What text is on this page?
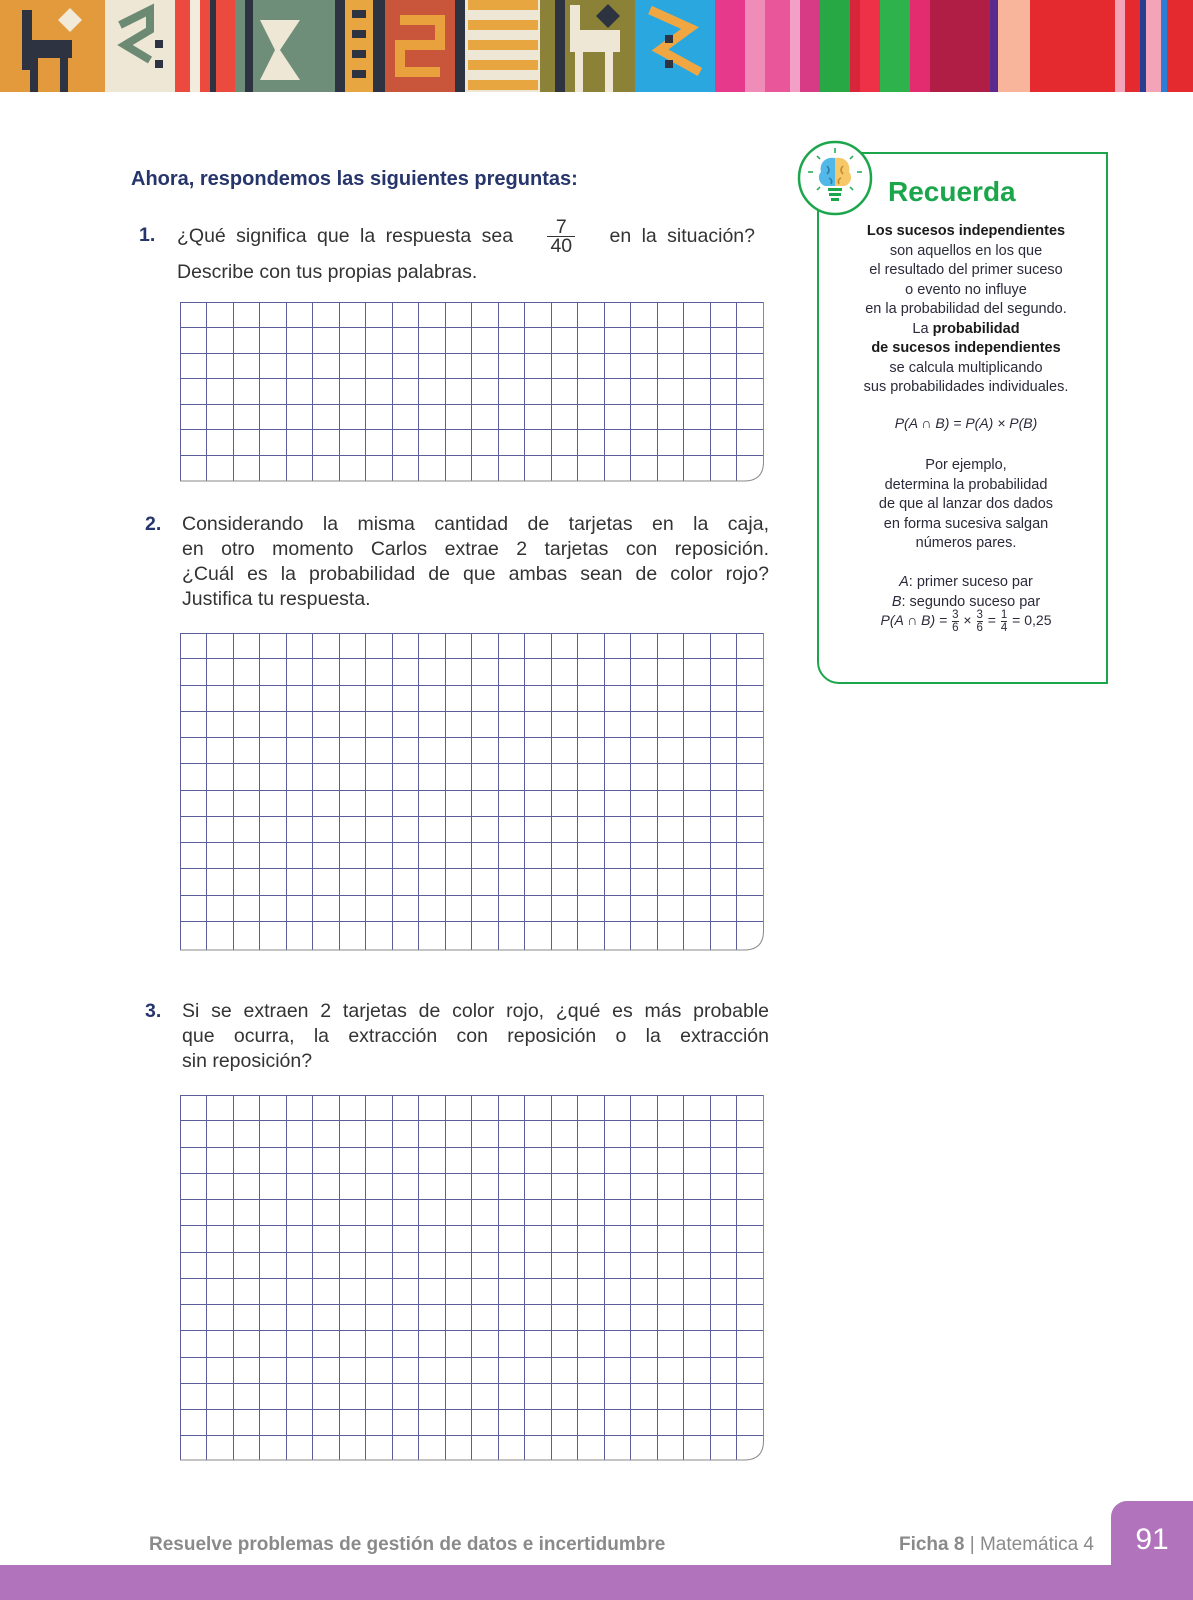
Ahora, respondemos las siguientes preguntas:
1. ¿Qué significa que la respuesta sea $\frac{7}{40}$ en la situación?
Describe con tus propias palabras.
2. Considerando la misma cantidad de tarjetas en la caja,
en otro momento Carlos extrae 2 tarjetas con reposición.
¿Cuál es la probabilidad de que ambas sean de color rojo?
Justifica tu respuesta.
3. Si se extraen 2 tarjetas de color rojo, ¿qué es más probable
que ocurra, la extracción con reposición o la extracción
sin reposición?
Recuerda
Los sucesos independientes
son aquellos en los que
el resultado del primer suceso
o evento no influye
en la probabilidad del segundo.
La probabilidad
de sucesos independientes
se calcula multiplicando
sus probabilidades individuales.
P(A ∩ B) = P(A) × P(B)
Por ejemplo,
determina la probabilidad
de que al lanzar dos dados
en forma sucesiva salgan
números pares.
A: primer suceso par
B: segundo suceso par
P(A ∩ $B) = \frac{3}{6} \times \frac{3}{6} = \frac{1}{4} = 0,25$
91
Resuelve problemas de gestión de datos e incertidumbre	Ficha 8 | Matemática 4
